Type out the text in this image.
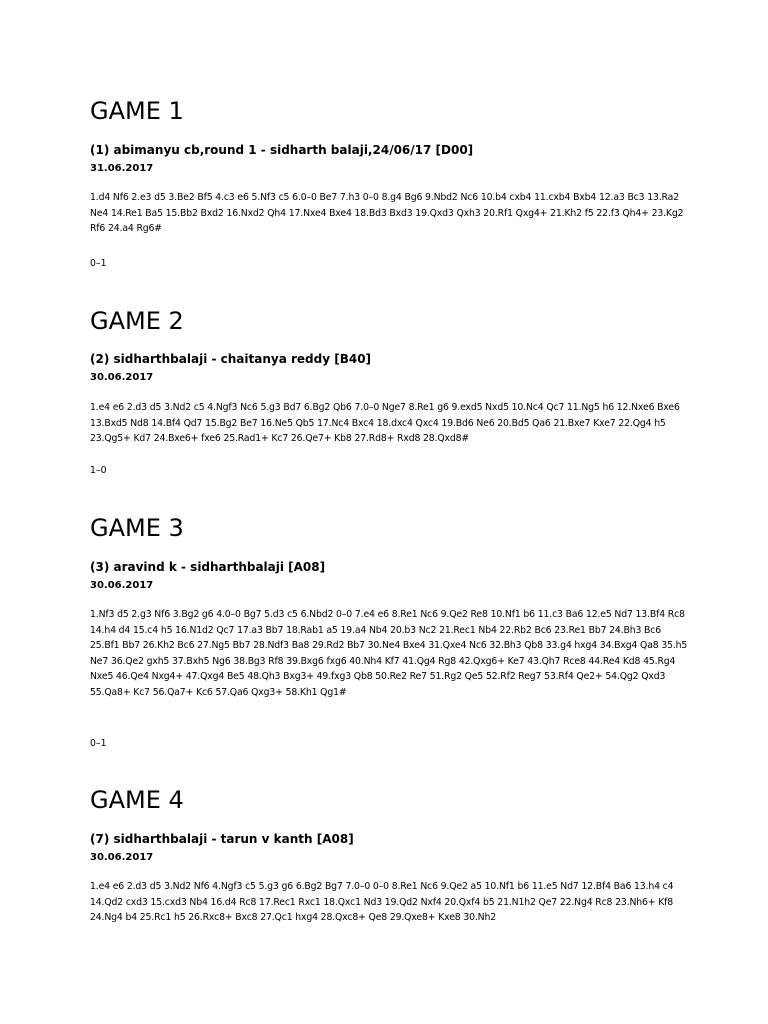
GAME 1
(1) abimanyu cb,round 1 - sidharth balaji,24/06/17 [D00]
31.06.2017
1.d4 Nf6 2.e3 d5 3.Be2 Bf5 4.c3 e6 5.Nf3 c5 6.0–0 Be7 7.h3 0–0 8.g4 Bg6 9.Nbd2 Nc6 10.b4 cxb4 11.cxb4 Bxb4 12.a3 Bc3 13.Ra2 Ne4 14.Re1 Ba5 15.Bb2 Bxd2 16.Nxd2 Qh4 17.Nxe4 Bxe4 18.Bd3 Bxd3 19.Qxd3 Qxh3 20.Rf1 Qxg4+ 21.Kh2 f5 22.f3 Qh4+ 23.Kg2 Rf6 24.a4 Rg6#
0–1
GAME 2
(2) sidharthbalaji - chaitanya reddy [B40]
30.06.2017
1.e4 e6 2.d3 d5 3.Nd2 c5 4.Ngf3 Nc6 5.g3 Bd7 6.Bg2 Qb6 7.0–0 Nge7 8.Re1 g6 9.exd5 Nxd5 10.Nc4 Qc7 11.Ng5 h6 12.Nxe6 Bxe6 13.Bxd5 Nd8 14.Bf4 Qd7 15.Bg2 Be7 16.Ne5 Qb5 17.Nc4 Bxc4 18.dxc4 Qxc4 19.Bd6 Ne6 20.Bd5 Qa6 21.Bxe7 Kxe7 22.Qg4 h5 23.Qg5+ Kd7 24.Bxe6+ fxe6 25.Rad1+ Kc7 26.Qe7+ Kb8 27.Rd8+ Rxd8 28.Qxd8#
1–0
GAME 3
(3) aravind k - sidharthbalaji [A08]
30.06.2017
1.Nf3 d5 2.g3 Nf6 3.Bg2 g6 4.0–0 Bg7 5.d3 c5 6.Nbd2 0–0 7.e4 e6 8.Re1 Nc6 9.Qe2 Re8 10.Nf1 b6 11.c3 Ba6 12.e5 Nd7 13.Bf4 Rc8 14.h4 d4 15.c4 h5 16.N1d2 Qc7 17.a3 Bb7 18.Rab1 a5 19.a4 Nb4 20.b3 Nc2 21.Rec1 Nb4 22.Rb2 Bc6 23.Re1 Bb7 24.Bh3 Bc6 25.Bf1 Bb7 26.Kh2 Bc6 27.Ng5 Bb7 28.Ndf3 Ba8 29.Rd2 Bb7 30.Ne4 Bxe4 31.Qxe4 Nc6 32.Bh3 Qb8 33.g4 hxg4 34.Bxg4 Qa8 35.h5 Ne7 36.Qe2 gxh5 37.Bxh5 Ng6 38.Bg3 Rf8 39.Bxg6 fxg6 40.Nh4 Kf7 41.Qg4 Rg8 42.Qxg6+ Ke7 43.Qh7 Rce8 44.Re4 Kd8 45.Rg4 Nxe5 46.Qe4 Nxg4+ 47.Qxg4 Be5 48.Qh3 Bxg3+ 49.fxg3 Qb8 50.Re2 Re7 51.Rg2 Qe5 52.Rf2 Reg7 53.Rf4 Qe2+ 54.Qg2 Qxd3 55.Qa8+ Kc7 56.Qa7+ Kc6 57.Qa6 Qxg3+ 58.Kh1 Qg1#
0–1
GAME 4
(7) sidharthbalaji - tarun v kanth [A08]
30.06.2017
1.e4 e6 2.d3 d5 3.Nd2 Nf6 4.Ngf3 c5 5.g3 g6 6.Bg2 Bg7 7.0–0 0–0 8.Re1 Nc6 9.Qe2 a5 10.Nf1 b6 11.e5 Nd7 12.Bf4 Ba6 13.h4 c4 14.Qd2 cxd3 15.cxd3 Nb4 16.d4 Rc8 17.Rec1 Rxc1 18.Qxc1 Nd3 19.Qd2 Nxf4 20.Qxf4 b5 21.N1h2 Qe7 22.Ng4 Rc8 23.Nh6+ Kf8 24.Ng4 b4 25.Rc1 h5 26.Rxc8+ Bxc8 27.Qc1 hxg4 28.Qxc8+ Qe8 29.Qxe8+ Kxe8 30.Nh2
